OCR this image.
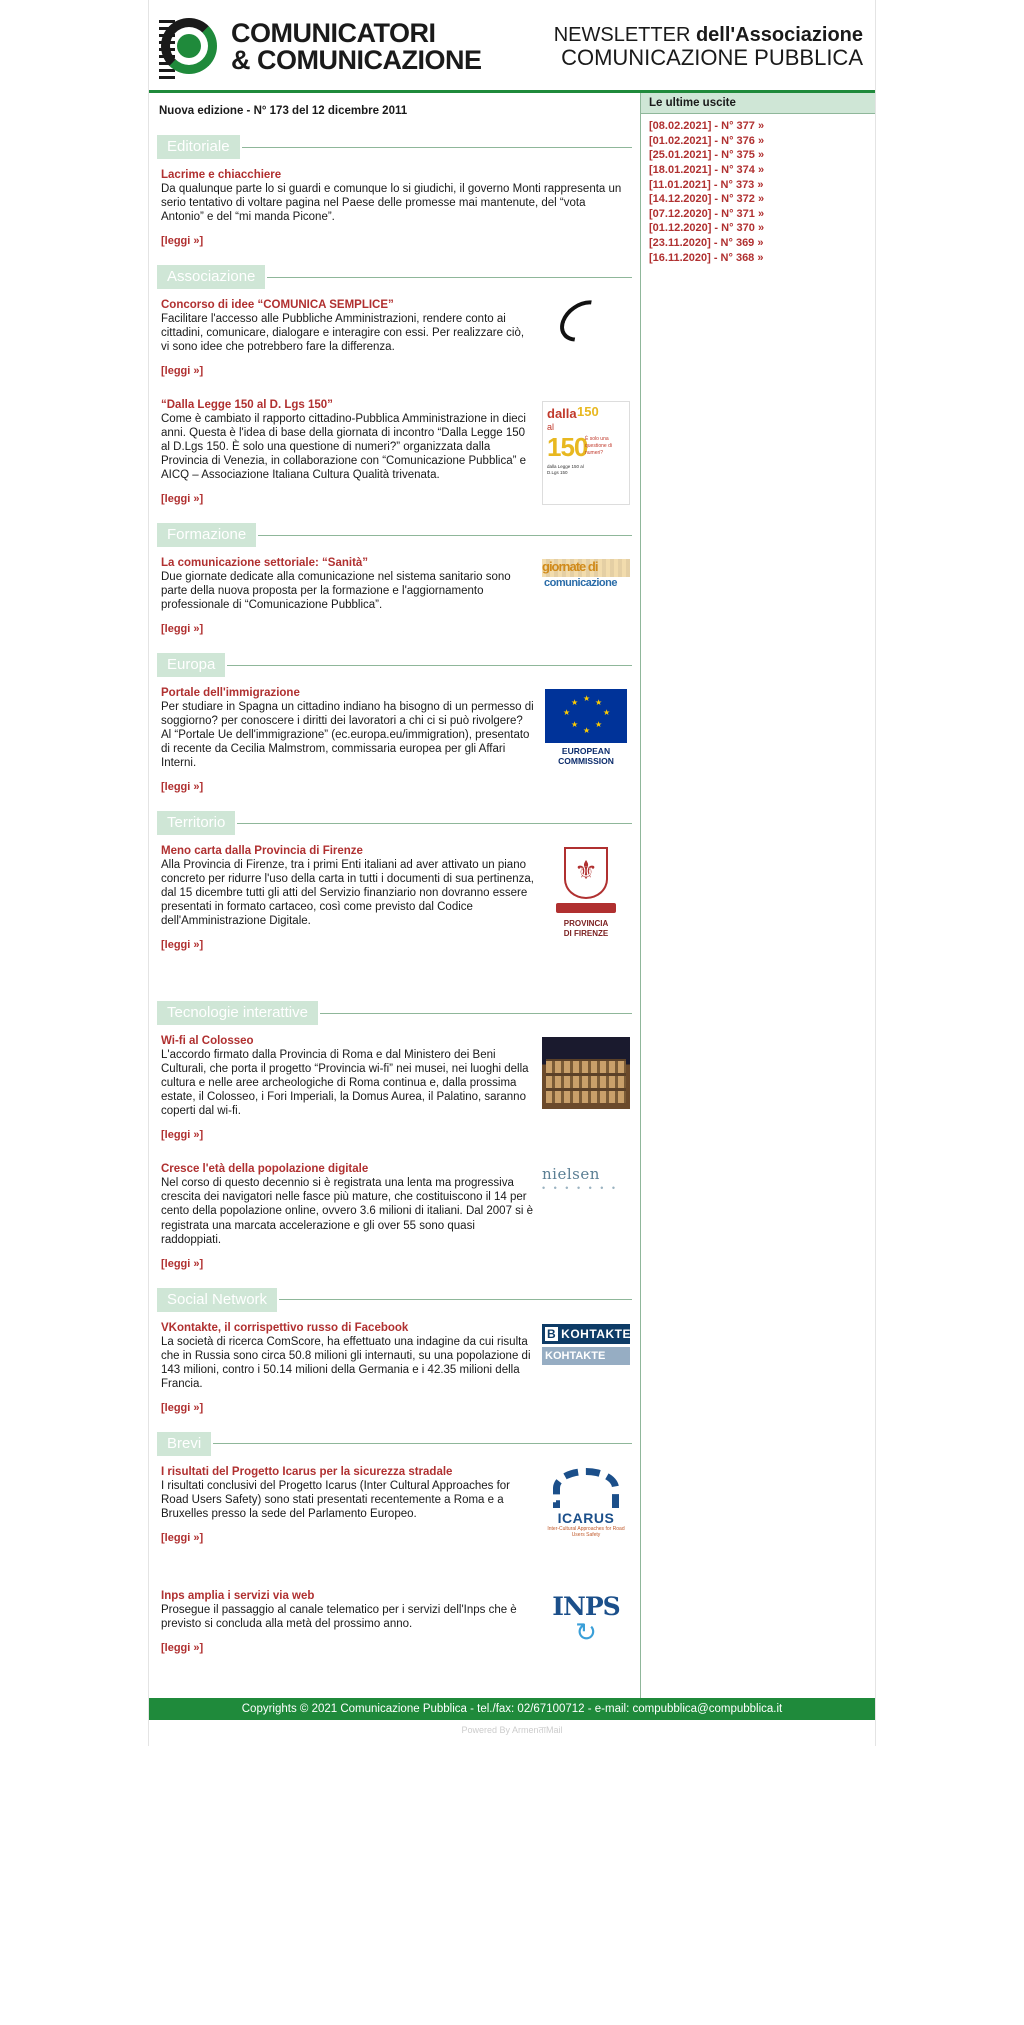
COMUNICATORI
& COMUNICAZIONE
NEWSLETTER dell'Associazione
COMUNICAZIONE PUBBLICA
Nuova edizione - N° 173 del 12 dicembre 2011
Editoriale
Lacrime e chiacchiere

Da qualunque parte lo si guardi e comunque lo si giudichi, il governo Monti rappresenta un serio tentativo di voltare pagina nel Paese delle promesse mai mantenute, del “vota Antonio” e del “mi manda Picone”.

[leggi »]
Associazione
Concorso di idee “COMUNICA SEMPLICE”

Facilitare l'accesso alle Pubbliche Amministrazioni, rendere conto ai cittadini, comunicare, dialogare e interagire con essi. Per realizzare ciò, vi sono idee che potrebbero fare la differenza.

[leggi »]
“Dalla Legge 150 al D. Lgs 150”

Come è cambiato il rapporto cittadino-Pubblica Amministrazione in dieci anni. Questa è l'idea di base della giornata di incontro “Dalla Legge 150 al D.Lgs 150. È solo una questione di numeri?” organizzata dalla Provincia di Venezia, in collaborazione con “Comunicazione Pubblica” e AICQ – Associazione Italiana Cultura Qualità trivenata.

[leggi »]
dalla 150
al
150
dalla Legge 150 al D.Lgs 150
È solo una questione di numeri?
Formazione
La comunicazione settoriale: “Sanità”

Due giornate dedicate alla comunicazione nel sistema sanitario sono parte della nuova proposta per la formazione e l'aggiornamento professionale di “Comunicazione Pubblica”.

[leggi »]
giornate di
comunicazione
Europa
Portale dell'immigrazione

Per studiare in Spagna un cittadino indiano ha bisogno di un permesso di soggiorno? per conoscere i diritti dei lavoratori a chi ci si può rivolgere? Al “Portale Ue dell'immigrazione” (ec.europa.eu/immigration), presentato di recente da Cecilia Malmstrom, commissaria europea per gli Affari Interni.

[leggi »]
★ ★
★
★
★
★
★
★
EUROPEAN COMMISSION
Territorio
Meno carta dalla Provincia di Firenze

Alla Provincia di Firenze, tra i primi Enti italiani ad aver attivato un piano concreto per ridurre l'uso della carta in tutti i documenti di sua pertinenza, dal 15 dicembre tutti gli atti del Servizio finanziario non dovranno essere presentati in formato cartaceo, così come previsto dal Codice dell'Amministrazione Digitale.

[leggi »]
⚜
PROVINCIA
DI FIRENZE
Tecnologie interattive
Wi-fi al Colosseo

L'accordo firmato dalla Provincia di Roma e dal Ministero dei Beni Culturali, che porta il progetto “Provincia wi-fi” nei musei, nei luoghi della cultura e nelle aree archeologiche di Roma continua e, dalla prossima estate, il Colosseo, i Fori Imperiali, la Domus Aurea, il Palatino, saranno coperti dal wi-fi.

[leggi »]
Cresce l'età della popolazione digitale

Nel corso di questo decennio si è registrata una lenta ma progressiva crescita dei navigatori nelle fasce più mature, che costituiscono il 14 per cento della popolazione online, ovvero 3.6 milioni di italiani. Dal 2007 si è registrata una marcata accelerazione e gli over 55 sono quasi raddoppiati.

[leggi »]
nielsen
• • • • • • •
Social Network
VKontakte, il corrispettivo russo di Facebook

La società di ricerca ComScore, ha effettuato una indagine da cui risulta che in Russia sono circa 50.8 milioni gli internauti, su una popolazione di 143 milioni, contro i 50.14 milioni della Germania e i 42.35 milioni della Francia.

[leggi »]
B KOHTAKTE
KOHTAKTE
Brevi
I risultati del Progetto Icarus per la sicurezza stradale

I risultati conclusivi del Progetto Icarus (Inter Cultural Approaches for Road Users Safety) sono stati presentati recentemente a Roma e a Bruxelles presso la sede del Parlamento Europeo.

[leggi »]
ICARUS
Inter-Cultural Approaches for Road Users Safety
Inps amplia i servizi via web

Prosegue il passaggio al canale telematico per i servizi dell'Inps che è previsto si concluda alla metà del prossimo anno.

[leggi »]
INPS
↻
Le ultime uscite
[08.02.2021] - N° 377 »
[01.02.2021] - N° 376 »
[25.01.2021] - N° 375 »
[18.01.2021] - N° 374 »
[11.01.2021] - N° 373 »
[14.12.2020] - N° 372 »
[07.12.2020] - N° 371 »
[01.12.2020] - N° 370 »
[23.11.2020] - N° 369 »
[16.11.2020] - N° 368 »
Copyrights © 2021 Comunicazione Pubblica - tel./fax: 02/67100712 - e-mail: compubblica@compubblica.it
Powered By ArmenताMail
